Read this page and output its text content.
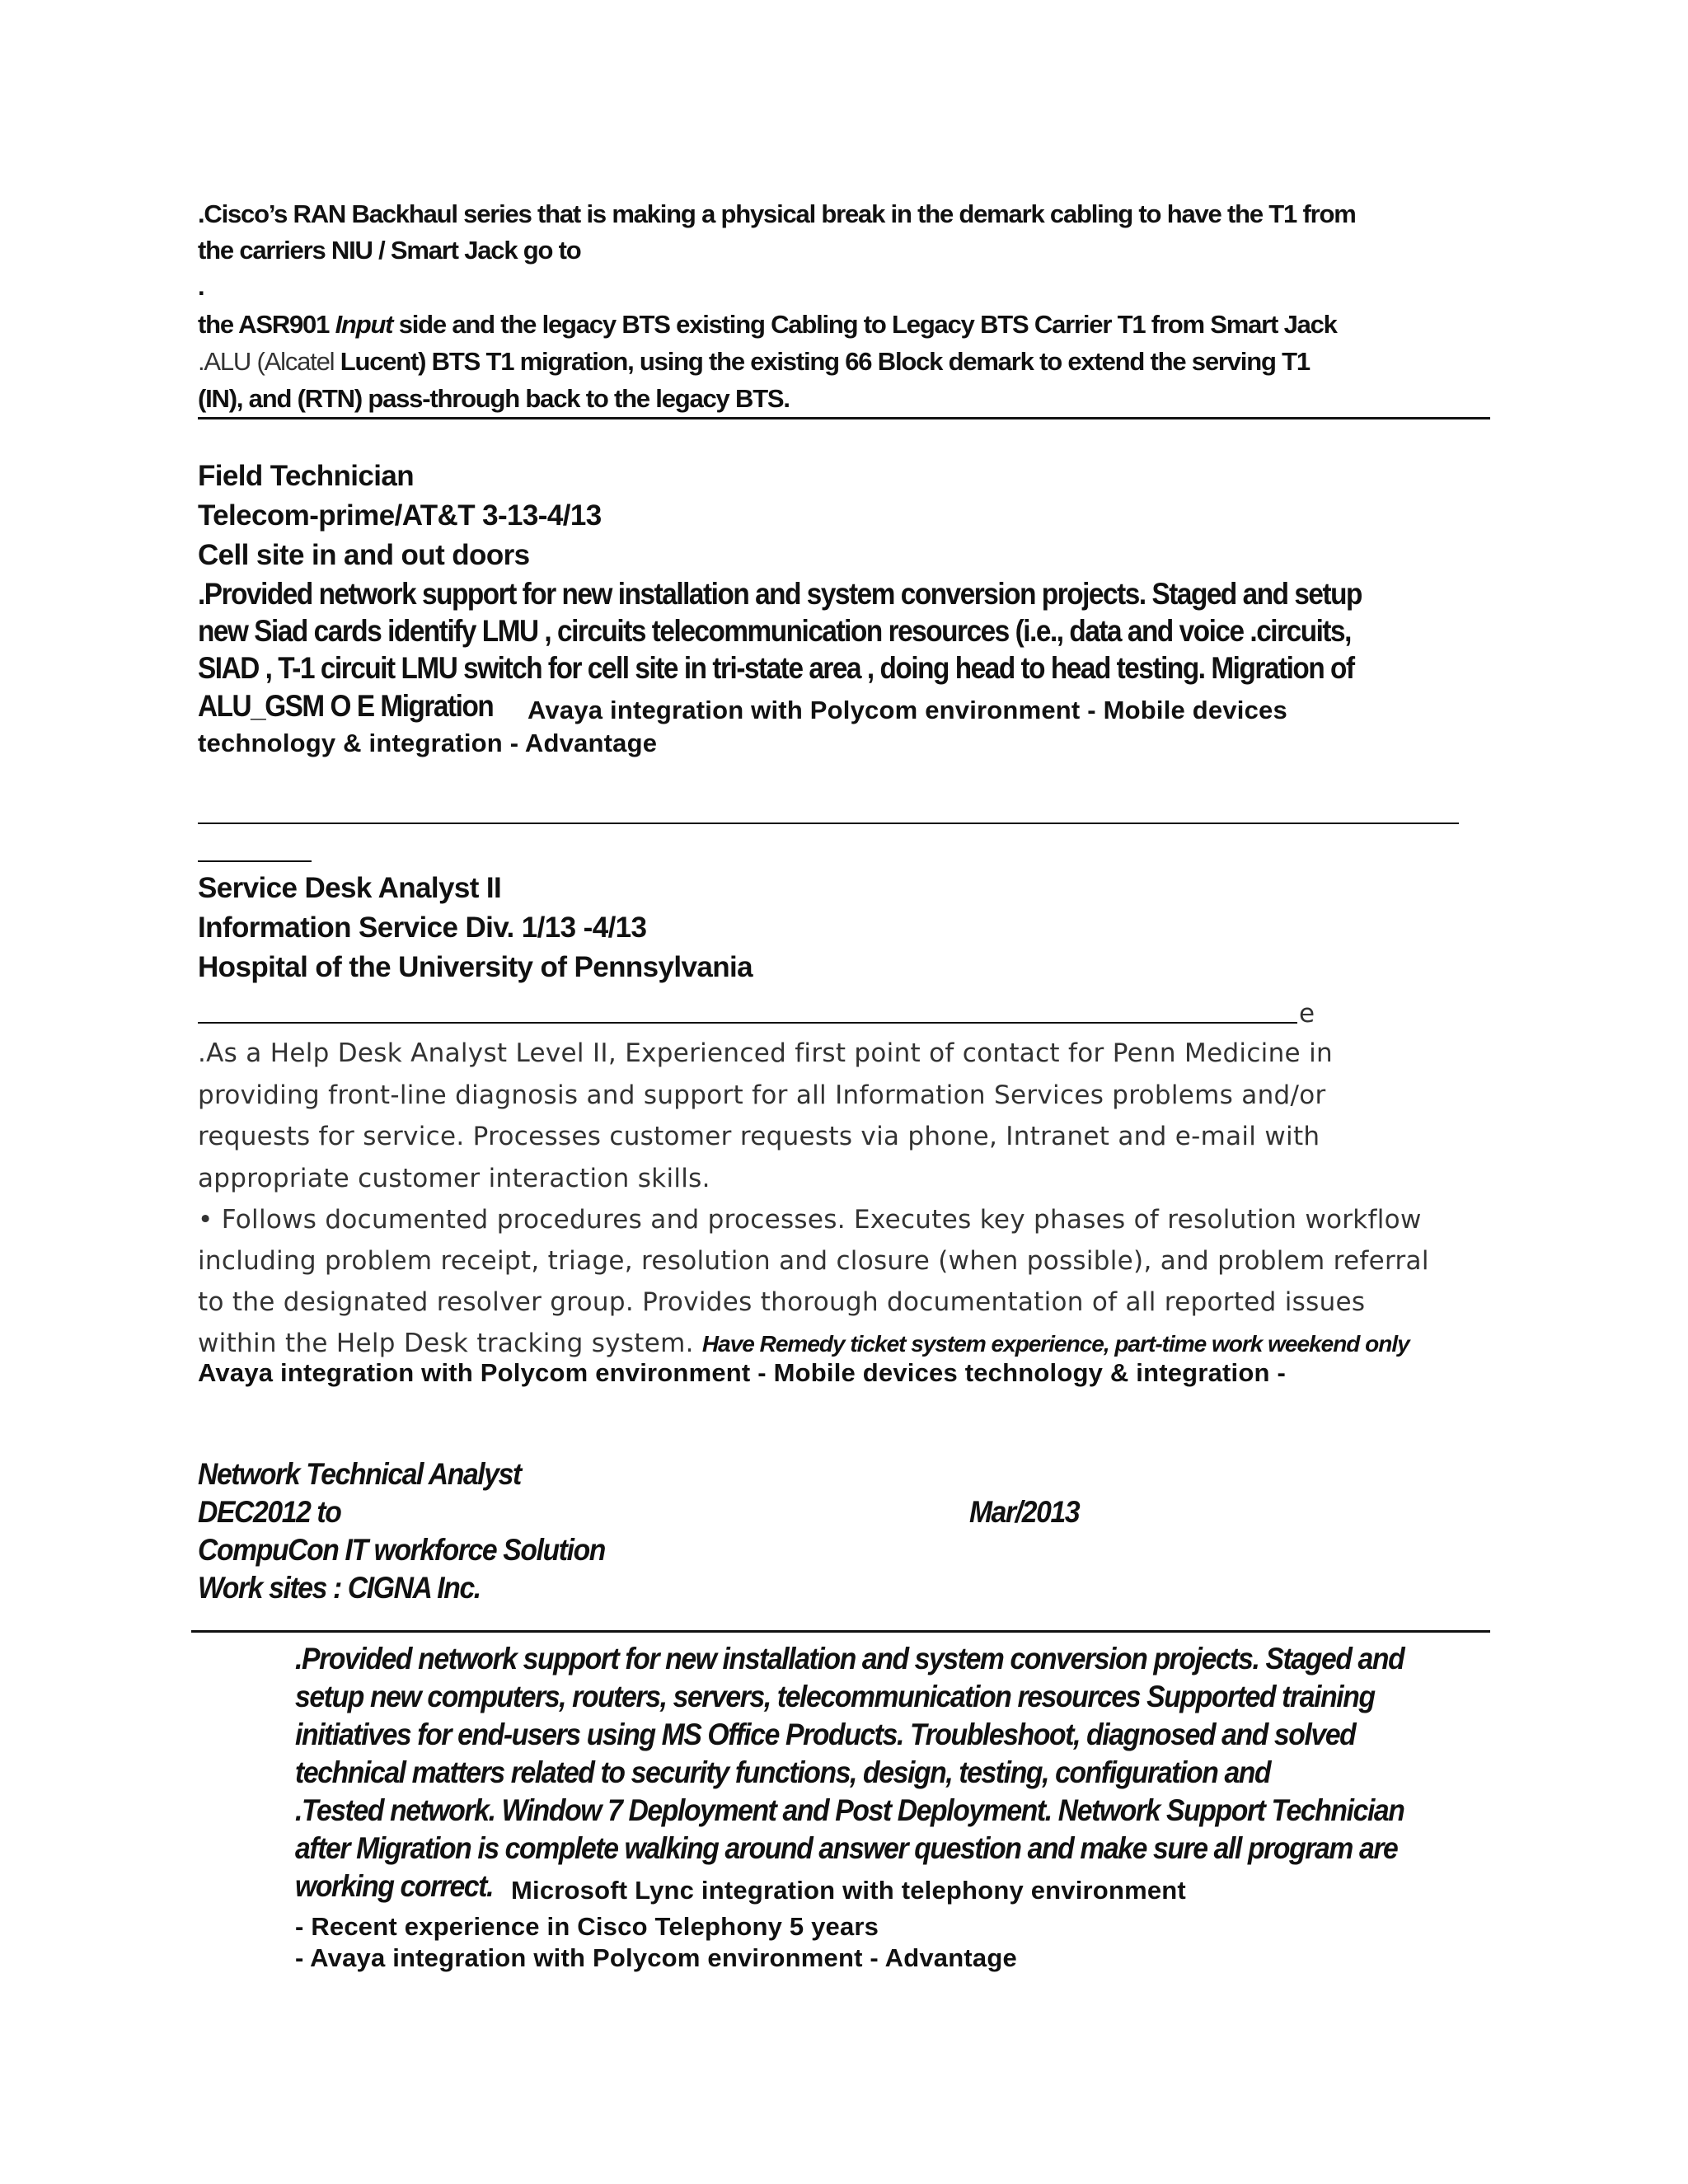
.Cisco’s RAN Backhaul series that is making a physical break in the demark cabling to have the T1 from
the carriers NIU / Smart Jack go to
.
the ASR901 Input side and the legacy BTS existing Cabling to Legacy BTS Carrier T1 from Smart Jack
.ALU (Alcatel Lucent) BTS T1 migration, using the existing 66 Block demark to extend the serving T1
(IN), and (RTN) pass-through back to the legacy BTS.
Field Technician
Telecom-prime/AT&T 3-13-4/13
Cell site in and out doors
.Provided network support for new installation and system conversion projects. Staged and setup
new Siad cards identify LMU , circuits telecommunication resources (i.e., data and voice .circuits,
SIAD , T-1 circuit LMU switch for cell site in tri-state area , doing head to head testing. Migration of
ALU_GSM O E Migration Avaya integration with Polycom environment - Mobile devices
technology & integration - Advantage
Service Desk Analyst II
Information Service Div. 1/13 -4/13
Hospital of the University of Pennsylvania
e
.As a Help Desk Analyst Level II, Experienced first point of contact for Penn Medicine in
providing front-line diagnosis and support for all Information Services problems and/or
requests for service. Processes customer requests via phone, Intranet and e-mail with
appropriate customer interaction skills.
• Follows documented procedures and processes. Executes key phases of resolution workflow
including problem receipt, triage, resolution and closure (when possible), and problem referral
to the designated resolver group. Provides thorough documentation of all reported issues
within the Help Desk tracking system. Have Remedy ticket system experience, part-time work weekend only
Avaya integration with Polycom environment - Mobile devices technology & integration -
Network Technical Analyst
DEC2012 to	Mar/2013
CompuCon IT workforce Solution
Work sites : CIGNA Inc.
.Provided network support for new installation and system conversion projects. Staged and
setup new computers, routers, servers, telecommunication resources Supported training
initiatives for end-users using MS Office Products. Troubleshoot, diagnosed and solved
technical matters related to security functions, design, testing, configuration and
.Tested network. Window 7 Deployment and Post Deployment. Network Support Technician
after Migration is complete walking around answer question and make sure all program are
working correct. Microsoft Lync integration with telephony environment
- Recent experience in Cisco Telephony 5 years
- Avaya integration with Polycom environment - Advantage
